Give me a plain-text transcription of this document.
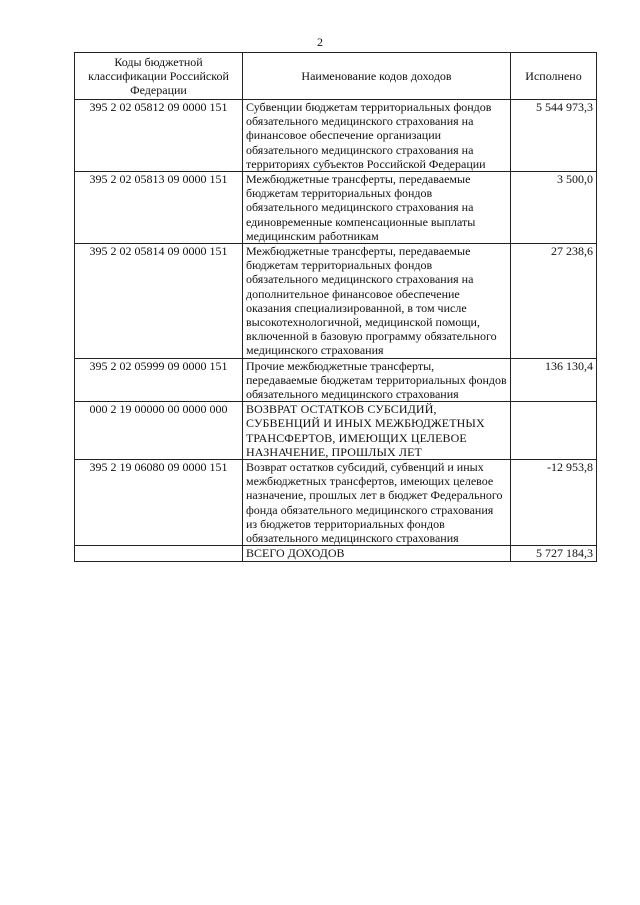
2
Коды бюджетной классификации Российской Федерации	Наименование кодов доходов	Исполнено
395 2 02 05812 09 0000 151	Субвенции бюджетам территориальных фондов обязательного медицинского страхования на финансовое обеспечение организации обязательного медицинского страхования на территориях субъектов Российской Федерации	5 544 973,3
395 2 02 05813 09 0000 151	Межбюджетные трансферты, передаваемые бюджетам территориальных фондов обязательного медицинского страхования на единовременные компенсационные выплаты медицинским работникам	3 500,0
395 2 02 05814 09 0000 151	Межбюджетные трансферты, передаваемые бюджетам территориальных фондов обязательного медицинского страхования на дополнительное финансовое обеспечение оказания специализированной, в том числе высокотехнологичной, медицинской помощи, включенной в базовую программу обязательного медицинского страхования	27 238,6
395 2 02 05999 09 0000 151	Прочие межбюджетные трансферты, передаваемые бюджетам территориальных фондов обязательного медицинского страхования	136 130,4
000 2 19 00000 00 0000 000	ВОЗВРАТ ОСТАТКОВ СУБСИДИЙ, СУБВЕНЦИЙ И ИНЫХ МЕЖБЮДЖЕТНЫХ ТРАНСФЕРТОВ, ИМЕЮЩИХ ЦЕЛЕВОЕ НАЗНАЧЕНИЕ, ПРОШЛЫХ ЛЕТ	
395 2 19 06080 09 0000 151	Возврат остатков субсидий, субвенций и иных межбюджетных трансфертов, имеющих целевое назначение, прошлых лет в бюджет Федерального фонда обязательного медицинского страхования из бюджетов территориальных фондов обязательного медицинского страхования	-12 953,8
	ВСЕГО ДОХОДОВ	5 727 184,3
